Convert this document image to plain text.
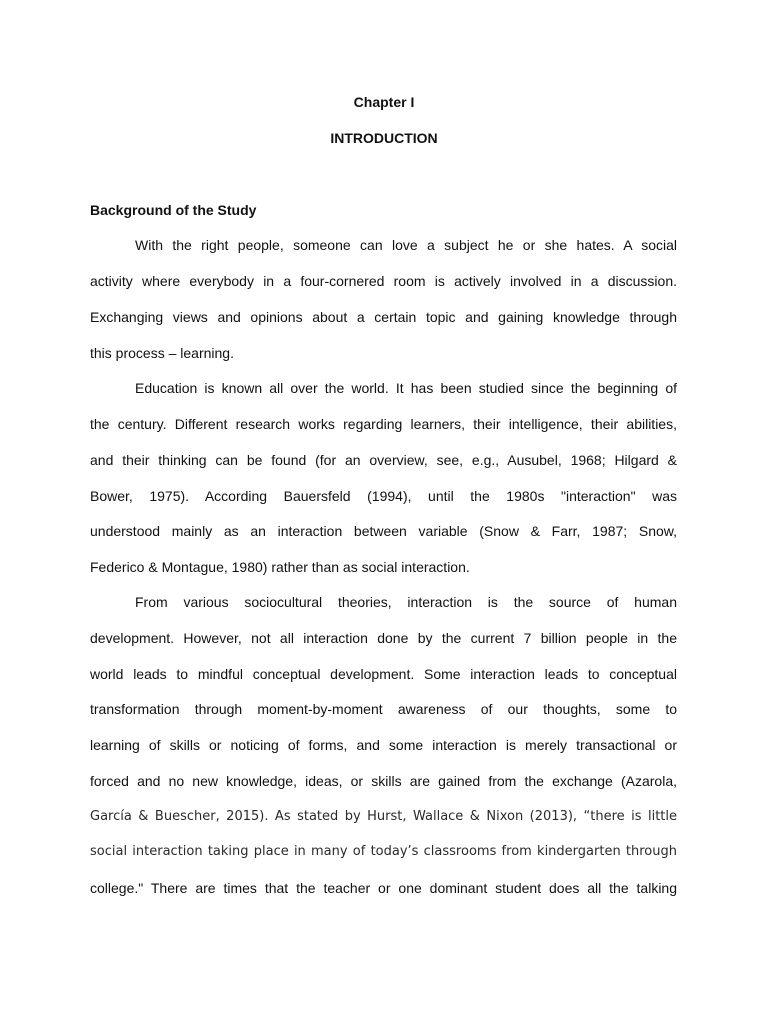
Chapter I
INTRODUCTION
Background of the Study
With the right people, someone can love a subject he or she hates. A social
activity where everybody in a four-cornered room is actively involved in a discussion.
Exchanging views and opinions about a certain topic and gaining knowledge through
this process – learning.
Education is known all over the world. It has been studied since the beginning of
the century. Different research works regarding learners, their intelligence, their abilities,
and their thinking can be found (for an overview, see, e.g., Ausubel, 1968; Hilgard &
Bower, 1975). According Bauersfeld (1994), until the 1980s "interaction" was
understood mainly as an interaction between variable (Snow & Farr, 1987; Snow,
Federico & Montague, 1980) rather than as social interaction.
From various sociocultural theories, interaction is the source of human
development. However, not all interaction done by the current 7 billion people in the
world leads to mindful conceptual development. Some interaction leads to conceptual
transformation through moment-by-moment awareness of our thoughts, some to
learning of skills or noticing of forms, and some interaction is merely transactional or
forced and no new knowledge, ideas, or skills are gained from the exchange (Azarola,
García & Buescher, 2015). As stated by Hurst, Wallace & Nixon (2013), “there is little
social interaction taking place in many of today’s classrooms from kindergarten through
college." There are times that the teacher or one dominant student does all the talking
